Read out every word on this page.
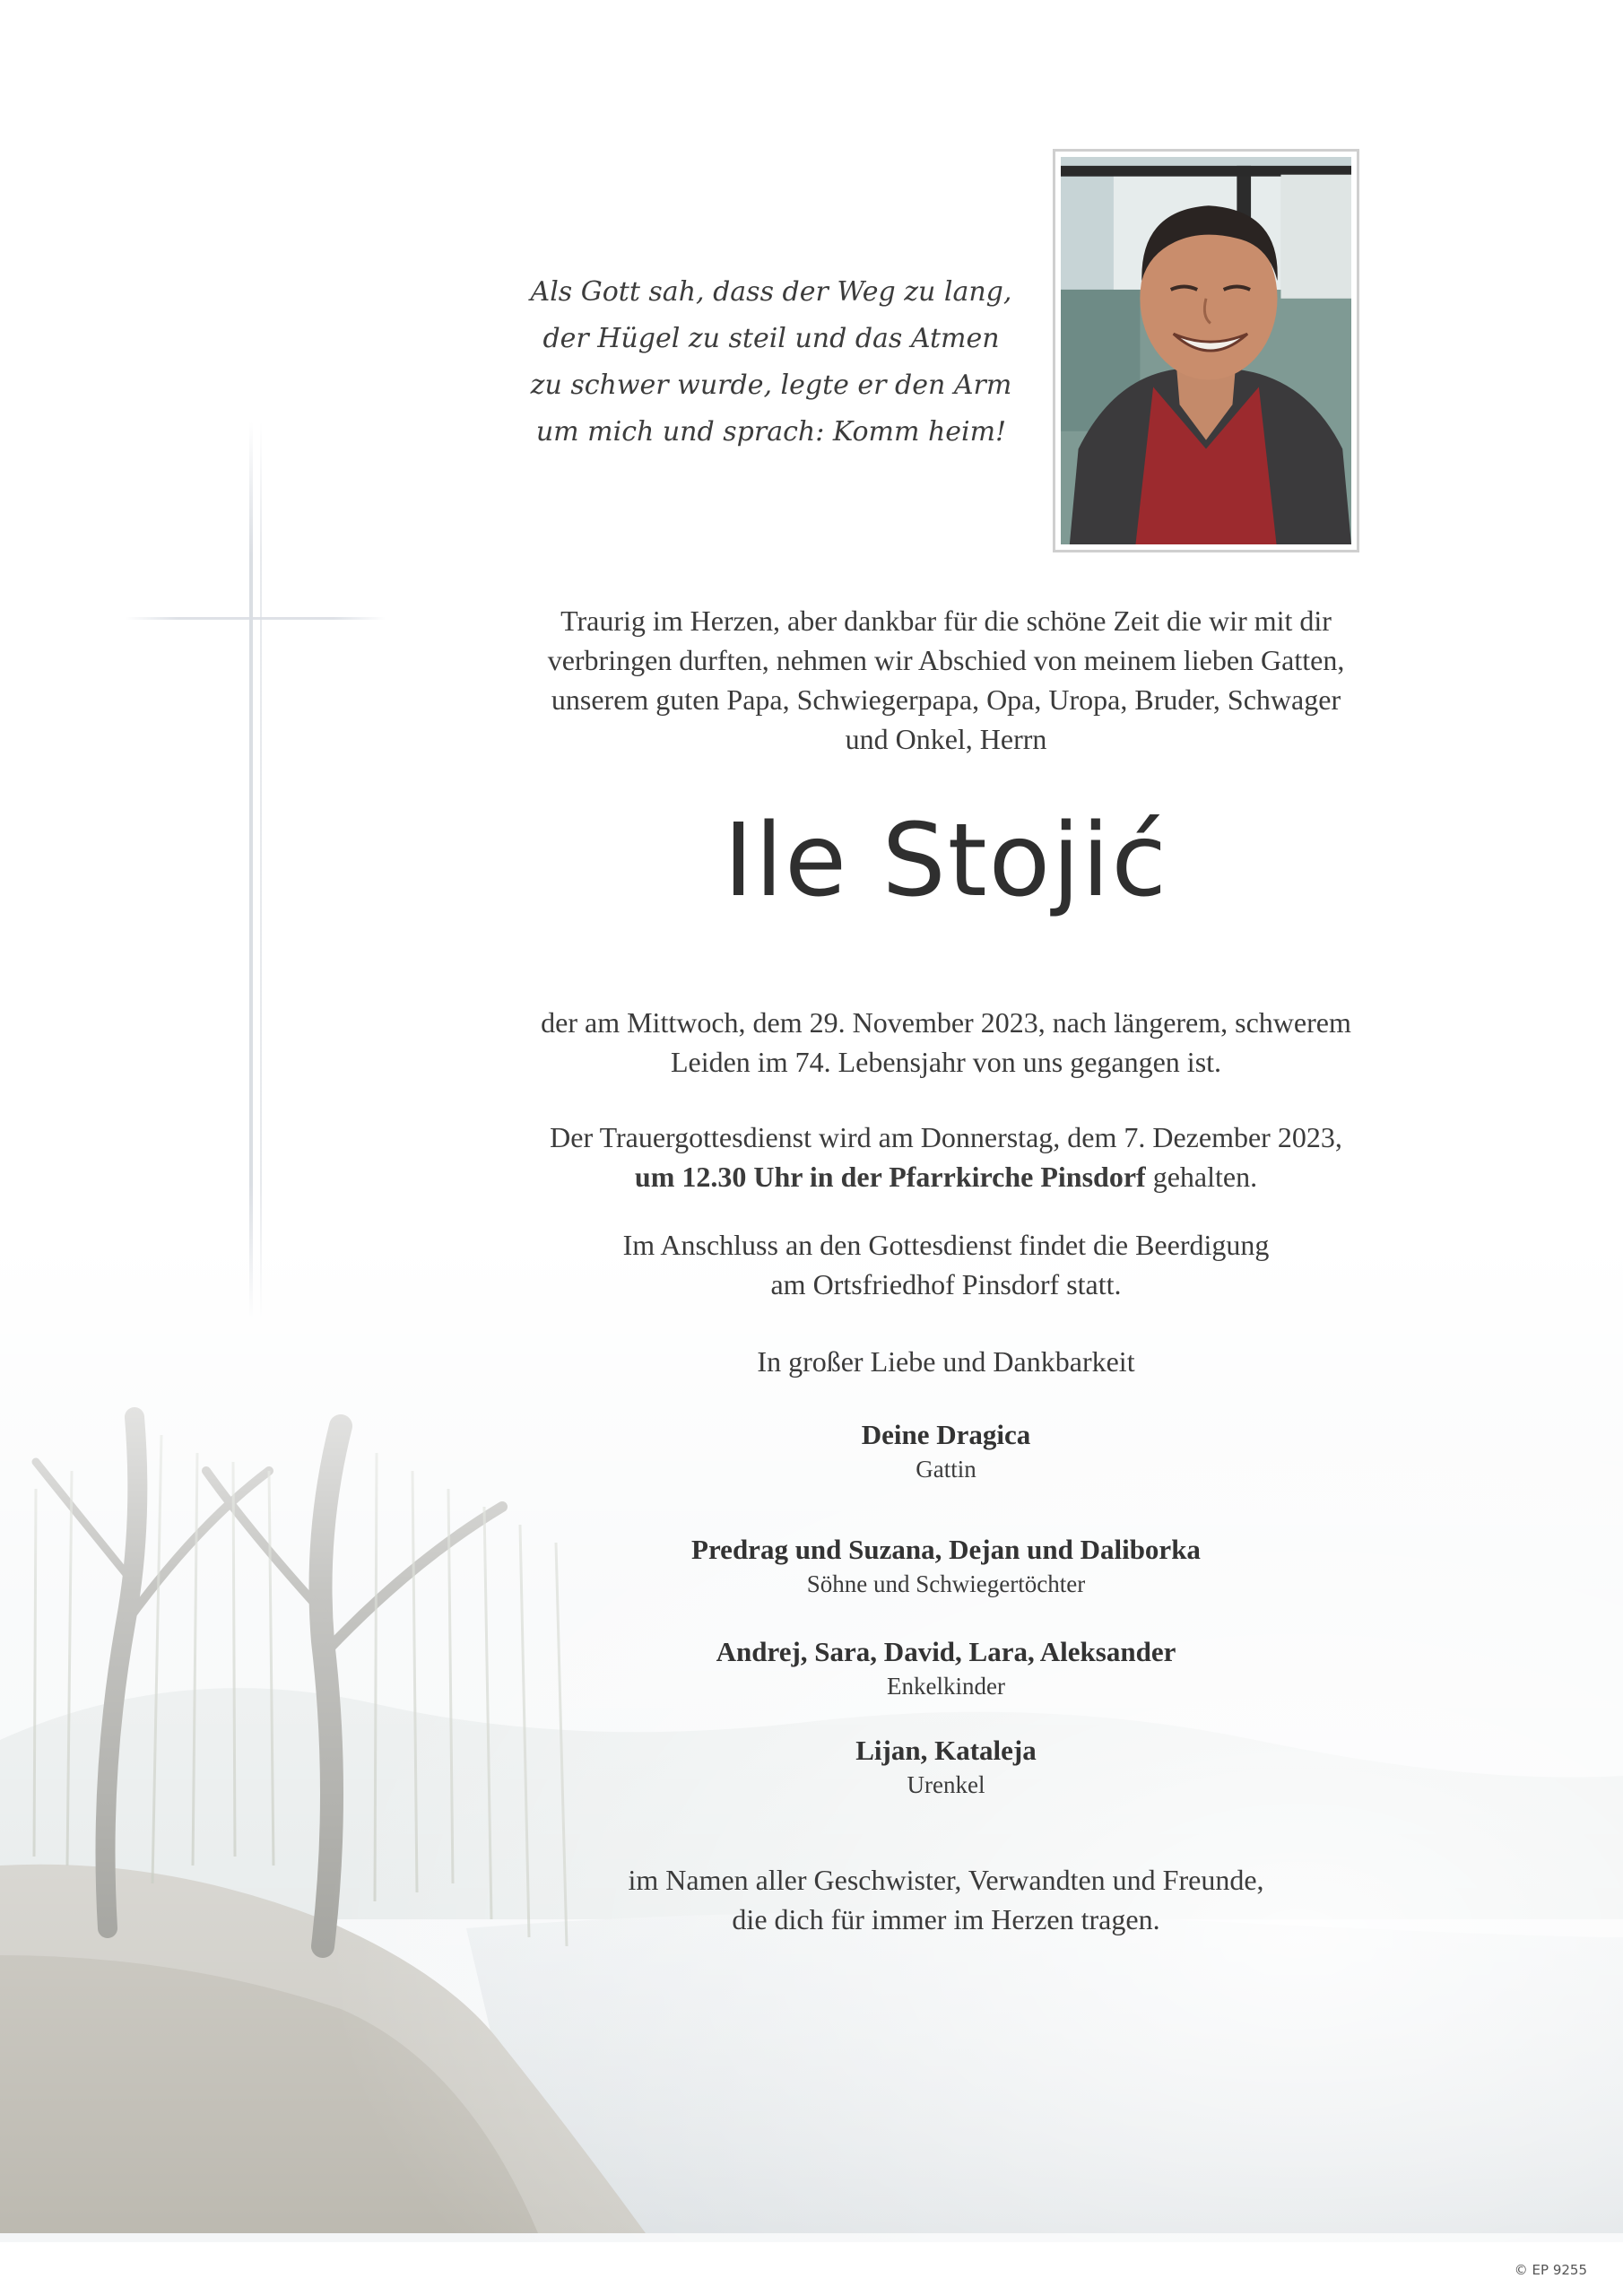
Als Gott sah, dass der Weg zu lang,
der Hügel zu steil und das Atmen
zu schwer wurde, legte er den Arm
um mich und sprach: Komm heim!
Traurig im Herzen, aber dankbar für die schöne Zeit die wir mit dir
verbringen durften, nehmen wir Abschied von meinem lieben Gatten,
unserem guten Papa, Schwiegerpapa, Opa, Uropa, Bruder, Schwager
und Onkel, Herrn
Ile Stojić
der am Mittwoch, dem 29. November 2023, nach längerem, schwerem
Leiden im 74. Lebensjahr von uns gegangen ist.
Der Trauergottesdienst wird am Donnerstag, dem 7. Dezember 2023,
um 12.30 Uhr in der Pfarrkirche Pinsdorf gehalten.
Im Anschluss an den Gottesdienst findet die Beerdigung
am Ortsfriedhof Pinsdorf statt.
In großer Liebe und Dankbarkeit
Deine Dragica
Gattin
Predrag und Suzana, Dejan und Daliborka
Söhne und Schwiegertöchter
Andrej, Sara, David, Lara, Aleksander
Enkelkinder
Lijan, Kataleja
Urenkel
im Namen aller Geschwister, Verwandten und Freunde,
die dich für immer im Herzen tragen.
© EP 9255
